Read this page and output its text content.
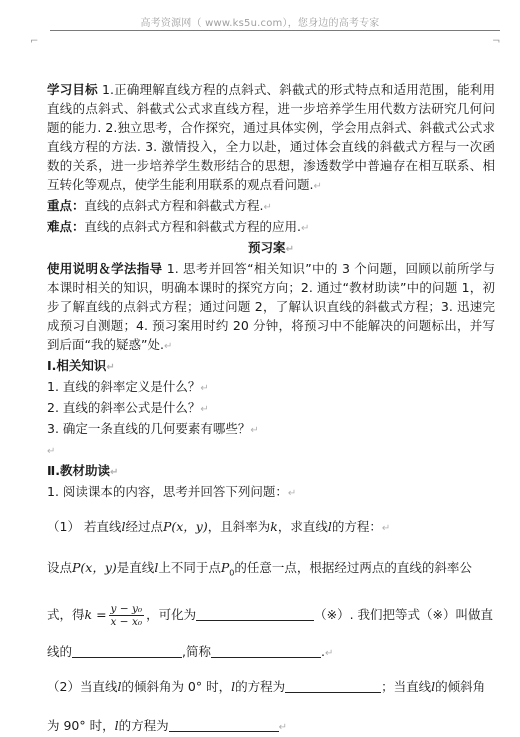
高考资源网（ www.ks5u.com），您身边的高考专家
⌐	¬

学习目标 1.正确理解直线方程的点斜式、斜截式的形式特点和适用范围，能利用直线的点斜式、斜截式公式求直线方程，进一步培养学生用代数方法研究几何问题的能力. 2.独立思考，合作探究，通过具体实例，学会用点斜式、斜截式公式求直线方程的方法. 3. 激情投入，全力以赴，通过体会直线的斜截式方程与一次函数的关系，进一步培养学生数形结合的思想，渗透数学中普遍存在相互联系、相互转化等观点，使学生能利用联系的观点看问题.↵

重点：直线的点斜式方程和斜截式方程.↵

难点：直线的点斜式方程和斜截式方程的应用.↵

预习案↵

使用说明＆学法指导 1. 思考并回答“相关知识”中的 3 个问题，回顾以前所学与本课时相关的知识，明确本课时的探究方向；2. 通过“教材助读”中的问题 1，初步了解直线的点斜式方程；通过问题 2，了解认识直线的斜截式方程；3. 迅速完成预习自测题；4. 预习案用时约 20 分钟，将预习中不能解决的问题标出，并写到后面“我的疑惑”处.↵

Ⅰ.相关知识↵

1. 直线的斜率定义是什么？↵

2. 直线的斜率公式是什么？↵

3. 确定一条直线的几何要素有哪些？↵

↵

Ⅱ.教材助读↵

1. 阅读课本的内容，思考并回答下列问题：↵

（1） 若直线l经过点P(x，y)，且斜率为k，求直线l的方程：↵

设点P(x，y)是直线l上不同于点$P_0$的任意一点，根据经过两点的直线的斜率公

式，得$k = \frac{\text{y − y₀}}{\text{x − x₀}}$ ，可化为	（※）. 我们把等式（※）叫做直

线的	,简称	.↵

（2）当直线l的倾斜角为 0° 时，l的方程为	；当直线l的倾斜角

为 90° 时，l的方程为	↵
